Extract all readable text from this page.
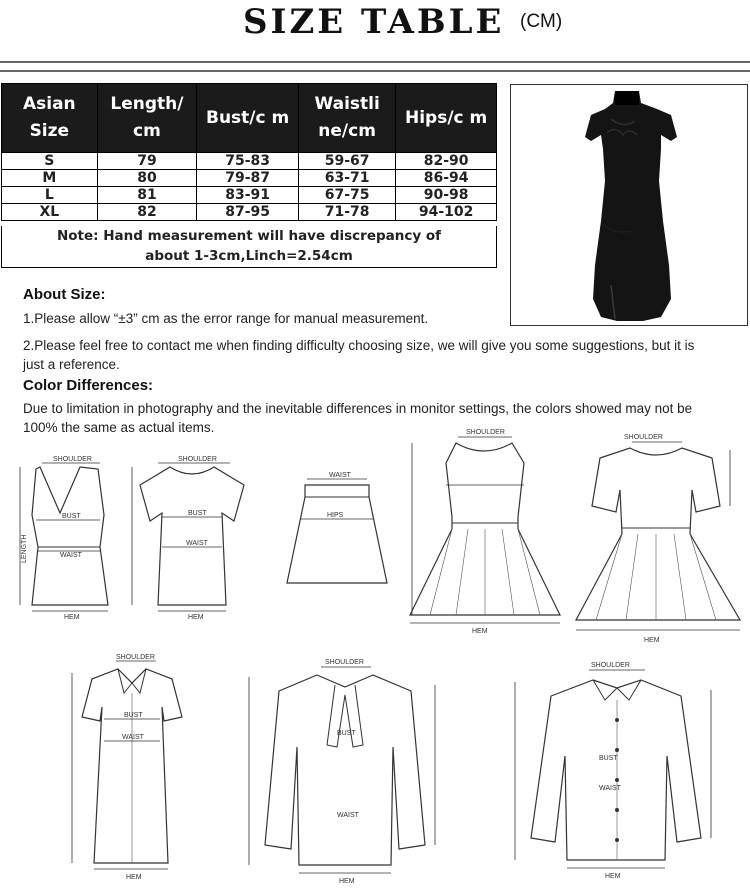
SIZE TABLE (CM)
Asian Size	Length/ cm	Bust/c m	Waistli ne/cm	Hips/c m
S	79	75-83	59-67	82-90
M	80	79-87	63-71	86-94
L	81	83-91	67-75	90-98
XL	82	87-95	71-78	94-102
Note: Hand measurement will have discrepancy of
about 1-3cm,Linch=2.54cm
About Size:
1.Please allow “±3” cm as the error range for manual measurement.
2.Please feel free to contact me when finding difficulty choosing size, we will give you some suggestions, but it is
just a reference.
Color Differences:
Due to limitation in photography and the inevitable differences in monitor settings, the colors showed may not be
100% the same as actual items.
SHOULDER
BUST
WAIST
HEM
LENGTH
SHOULDER
BUST
WAIST
HEM
WAIST
HIPS
SHOULDER
HEM
SHOULDER
HEM
SHOULDER
BUST
WAIST
HEM
SHOULDER
BUST
WAIST
HEM
SHOULDER
BUST
WAIST
HEM
